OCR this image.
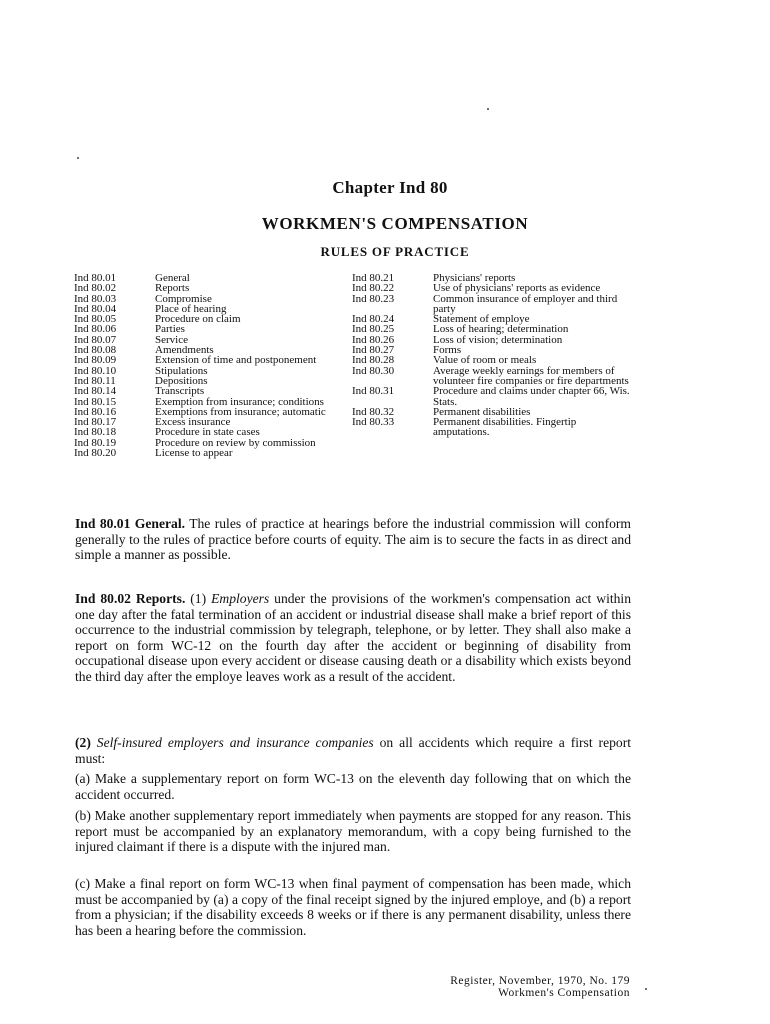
Chapter Ind 80
WORKMEN'S COMPENSATION
RULES OF PRACTICE
Ind 80.01	General
Ind 80.02	Reports
Ind 80.03	Compromise
Ind 80.04	Place of hearing
Ind 80.05	Procedure on claim
Ind 80.06	Parties
Ind 80.07	Service
Ind 80.08	Amendments
Ind 80.09	Extension of time and postponement
Ind 80.10	Stipulations
Ind 80.11	Depositions
Ind 80.14	Transcripts
Ind 80.15	Exemption from insurance; conditions
Ind 80.16	Exemptions from insurance; automatic
Ind 80.17	Excess insurance
Ind 80.18	Procedure in state cases
Ind 80.19	Procedure on review by commission
Ind 80.20	License to appear
Ind 80.21	Physicians' reports
Ind 80.22	Use of physicians' reports as evidence
Ind 80.23	Common insurance of employer and third party
Ind 80.24	Statement of employe
Ind 80.25	Loss of hearing; determination
Ind 80.26	Loss of vision; determination
Ind 80.27	Forms
Ind 80.28	Value of room or meals
Ind 80.30	Average weekly earnings for members of volunteer fire companies or fire departments
Ind 80.31	Procedure and claims under chapter 66, Wis. Stats.
Ind 80.32	Permanent disabilities
Ind 80.33	Permanent disabilities. Fingertip amputations.

Ind 80.01 General. The rules of practice at hearings before the industrial commission will conform generally to the rules of practice before courts of equity. The aim is to secure the facts in as direct and simple a manner as possible.

Ind 80.02 Reports. (1) Employers under the provisions of the workmen's compensation act within one day after the fatal termination of an accident or industrial disease shall make a brief report of this occurrence to the industrial commission by telegraph, telephone, or by letter. They shall also make a report on form WC-12 on the fourth day after the accident or beginning of disability from occupational disease upon every accident or disease causing death or a disability which exists beyond the third day after the employe leaves work as a result of the accident.

(2) Self-insured employers and insurance companies on all accidents which require a first report must:

(a) Make a supplementary report on form WC-13 on the eleventh day following that on which the accident occurred.

(b) Make another supplementary report immediately when payments are stopped for any reason. This report must be accompanied by an explanatory memorandum, with a copy being furnished to the injured claimant if there is a dispute with the injured man.

(c) Make a final report on form WC-13 when final payment of compensation has been made, which must be accompanied by (a) a copy of the final receipt signed by the injured employe, and (b) a report from a physician; if the disability exceeds 8 weeks or if there is any permanent disability, unless there has been a hearing before the commission.

Register, November, 1970, No. 179
Workmen's Compensation
